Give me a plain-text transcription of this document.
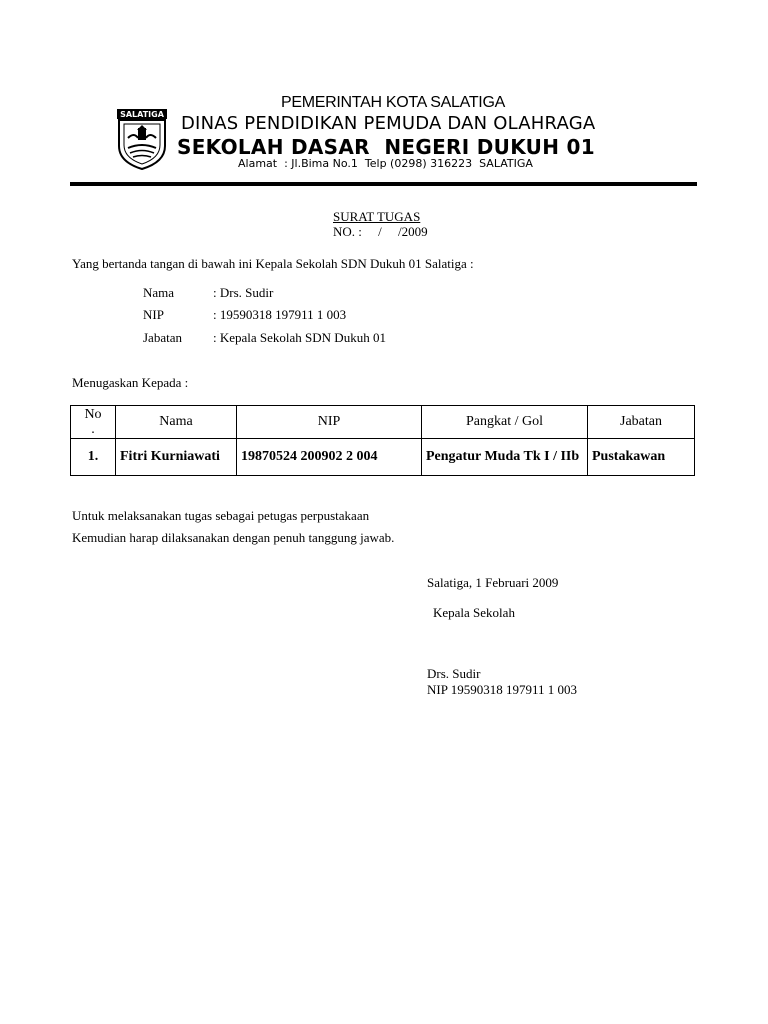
SALATIGA
PEMERINTAH KOTA SALATIGA
DINAS PENDIDIKAN PEMUDA DAN OLAHRAGA
SEKOLAH DASAR  NEGERI DUKUH 01
Alamat  : Jl.Bima No.1  Telp (0298) 316223  SALATIGA
SURAT TUGAS
NO. :     /     /2009
Yang bertanda tangan di bawah ini Kepala Sekolah SDN Dukuh 01 Salatiga :
Nama	: Drs. Sudir
NIP	: 19590318 197911 1 003
Jabatan : Kepala Sekolah SDN Dukuh 01
Menugaskan Kepada :
No
.	Nama	NIP	Pangkat / Gol	Jabatan
1.	Fitri Kurniawati	19870524 200902 2 004	Pengatur Muda Tk I / IIb	Pustakawan
Untuk melaksanakan tugas sebagai petugas perpustakaan
Kemudian harap dilaksanakan dengan penuh tanggung jawab.
Salatiga, 1 Februari 2009
Kepala Sekolah
Drs. Sudir
NIP 19590318 197911 1 003
